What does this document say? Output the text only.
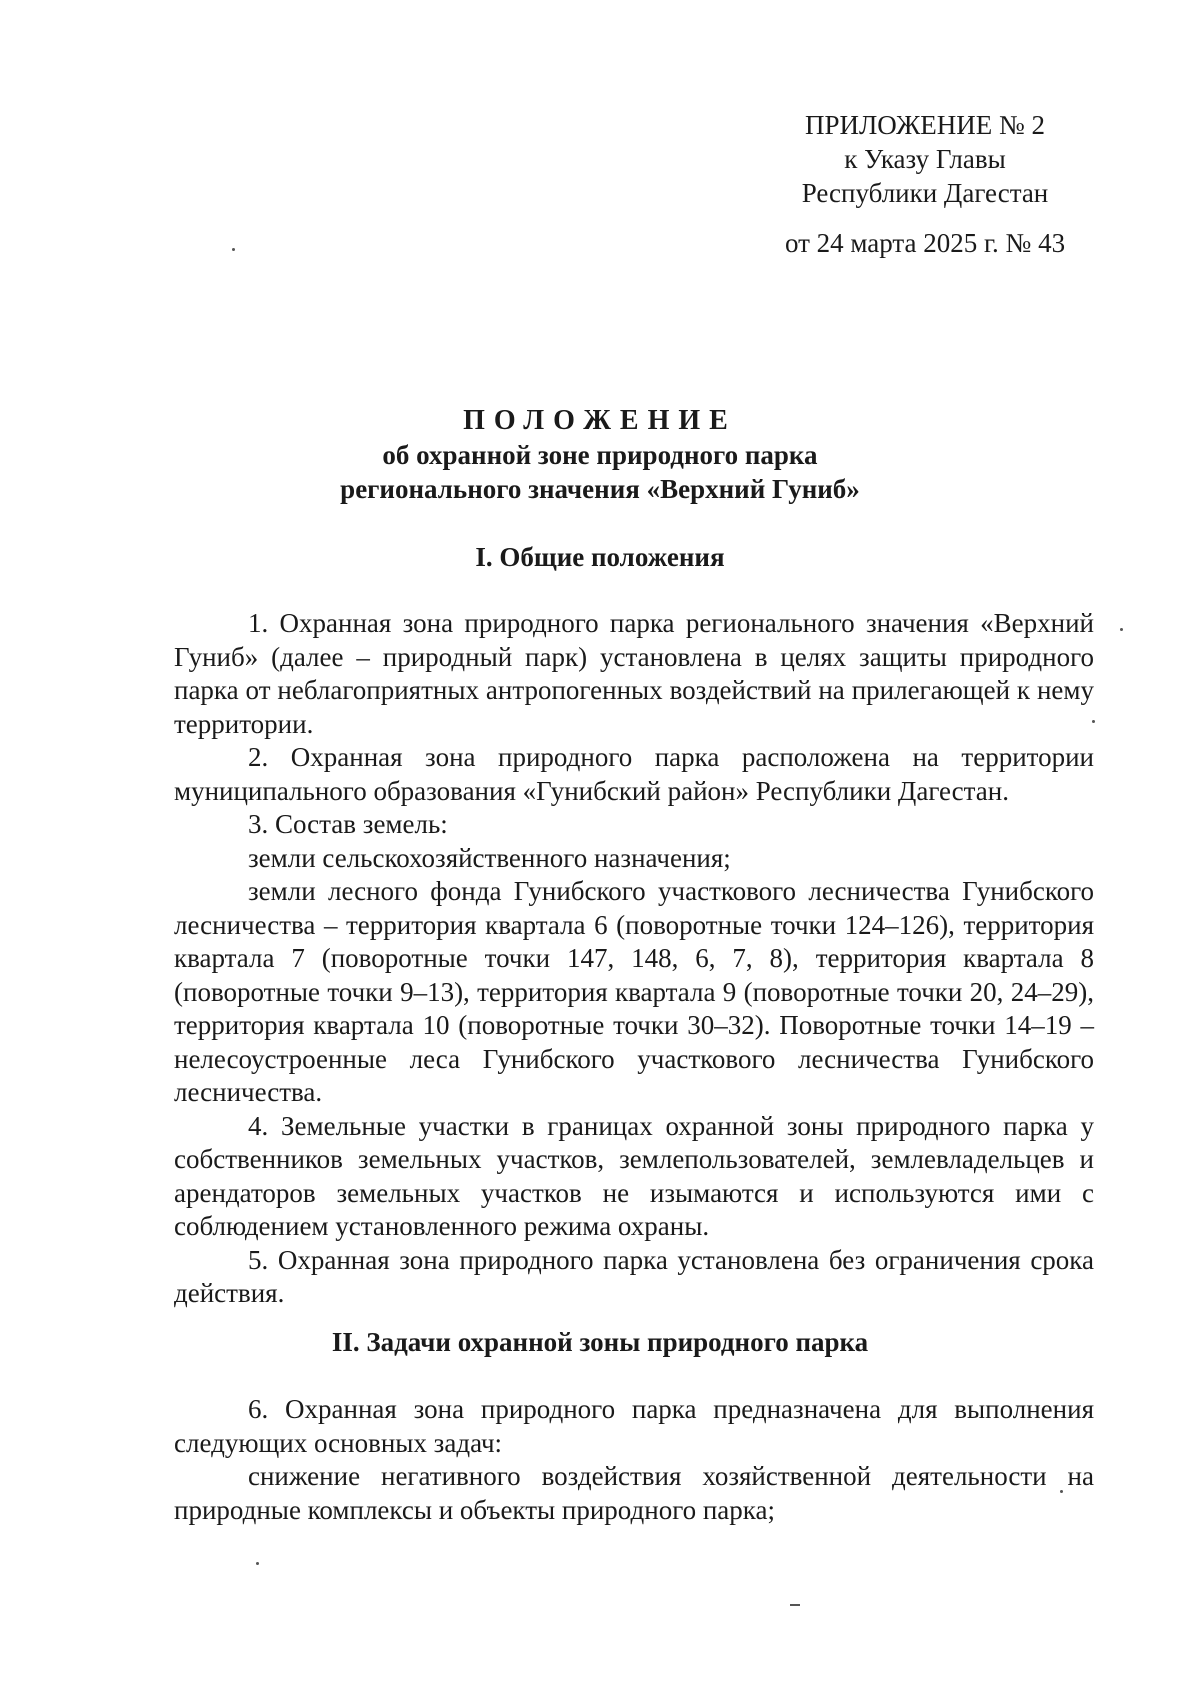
ПРИЛОЖЕНИЕ № 2
к Указу Главы
Республики Дагестан
от 24 марта 2025 г. № 43
ПОЛОЖЕНИЕ
об охранной зоне природного парка
регионального значения «Верхний Гуниб»
I. Общие положения

1. Охранная зона природного парка регионального значения «Верхний Гуниб» (далее – природный парк) установлена в целях защиты природного парка от неблагоприятных антропогенных воздействий на прилегающей к нему территории.

2. Охранная зона природного парка расположена на территории муниципального образования «Гунибский район» Республики Дагестан.

3. Состав земель:

земли сельскохозяйственного назначения;

земли лесного фонда Гунибского участкового лесничества Гунибского лесничества – территория квартала 6 (поворотные точки 124–126), территория квартала 7 (поворотные точки 147, 148, 6, 7, 8), территория квартала 8 (поворотные точки 9–13), территория квартала 9 (поворотные точки 20, 24–29), территория квартала 10 (поворотные точки 30–32). Поворотные точки 14–19 – нелесоустроенные леса Гунибского участкового лесничества Гунибского лесничества.

4. Земельные участки в границах охранной зоны природного парка у собственников земельных участков, землепользователей, землевладельцев и арендаторов земельных участков не изымаются и используются ими с соблюдением установленного режима охраны.

5. Охранная зона природного парка установлена без ограничения срока действия.

II. Задачи охранной зоны природного парка

6. Охранная зона природного парка предназначена для выполнения следующих основных задач:

снижение негативного воздействия хозяйственной деятельности на природные комплексы и объекты природного парка;
